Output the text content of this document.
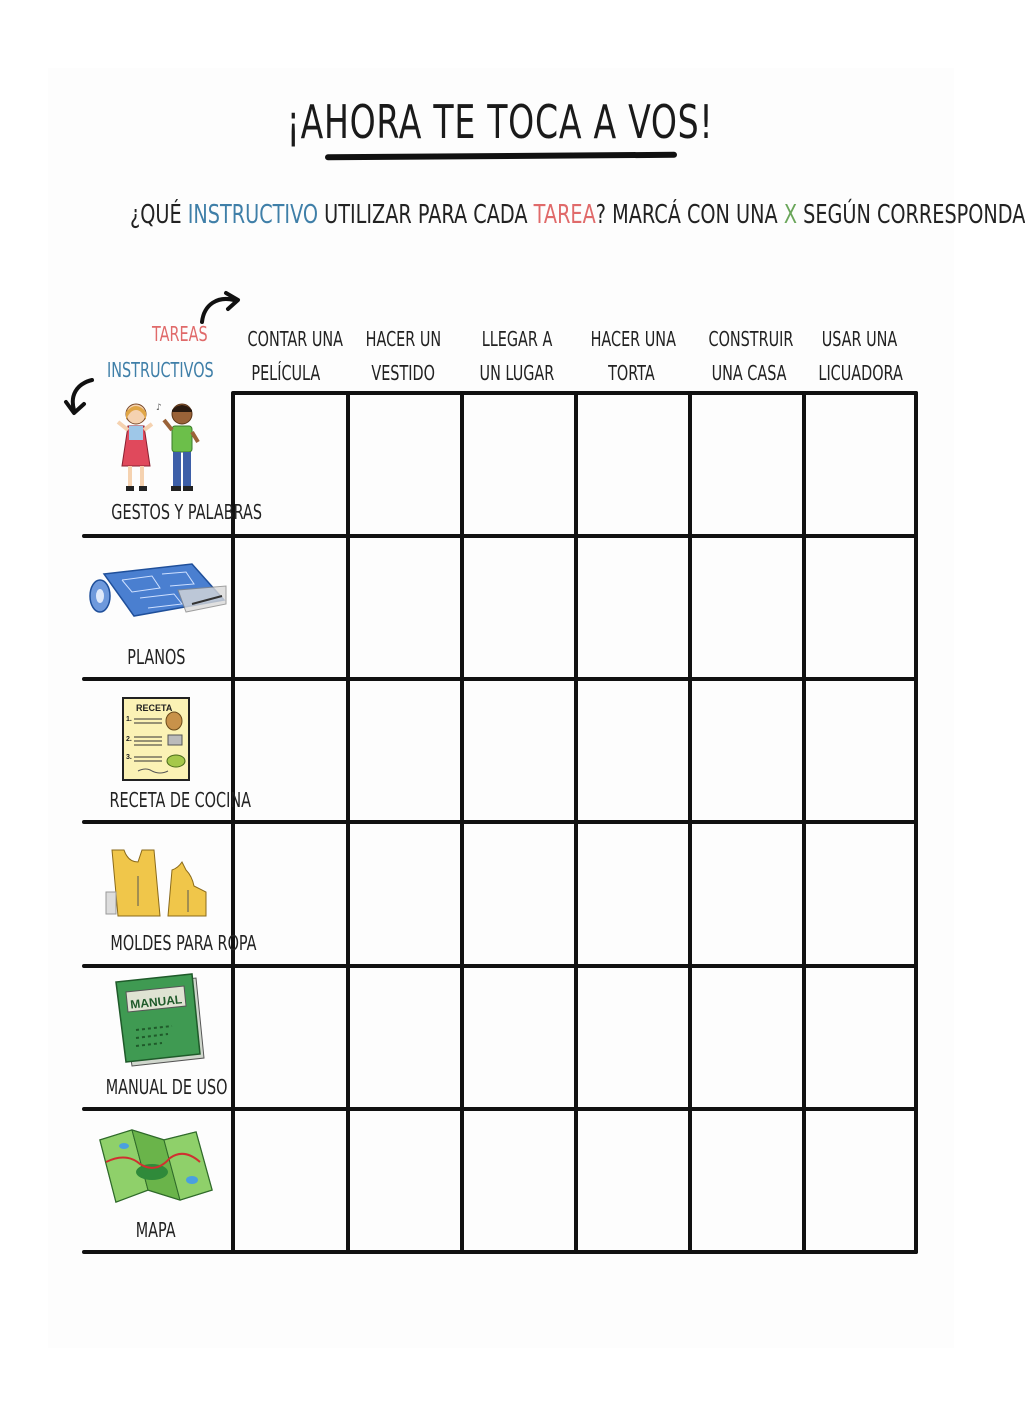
¡AHORA TE TOCA A VOS!
¿QUÉ INSTRUCTIVO UTILIZAR PARA CADA TAREA? MARCÁ CON UNA X SEGÚN CORRESPONDA
TAREAS
INSTRUCTIVOS
CONTAR UNA
PELÍCULA
HACER UN
VESTIDO
LLEGAR A
UN LUGAR
HACER UNA
TORTA
CONSTRUIR
UNA CASA
USAR UNA
LICUADORA
♪
GESTOS Y PALABRAS
PLANOS
RECETA
1.
2.
3.
RECETA DE COCINA
MOLDES PARA ROPA
MANUAL
MANUAL DE USO
MAPA
